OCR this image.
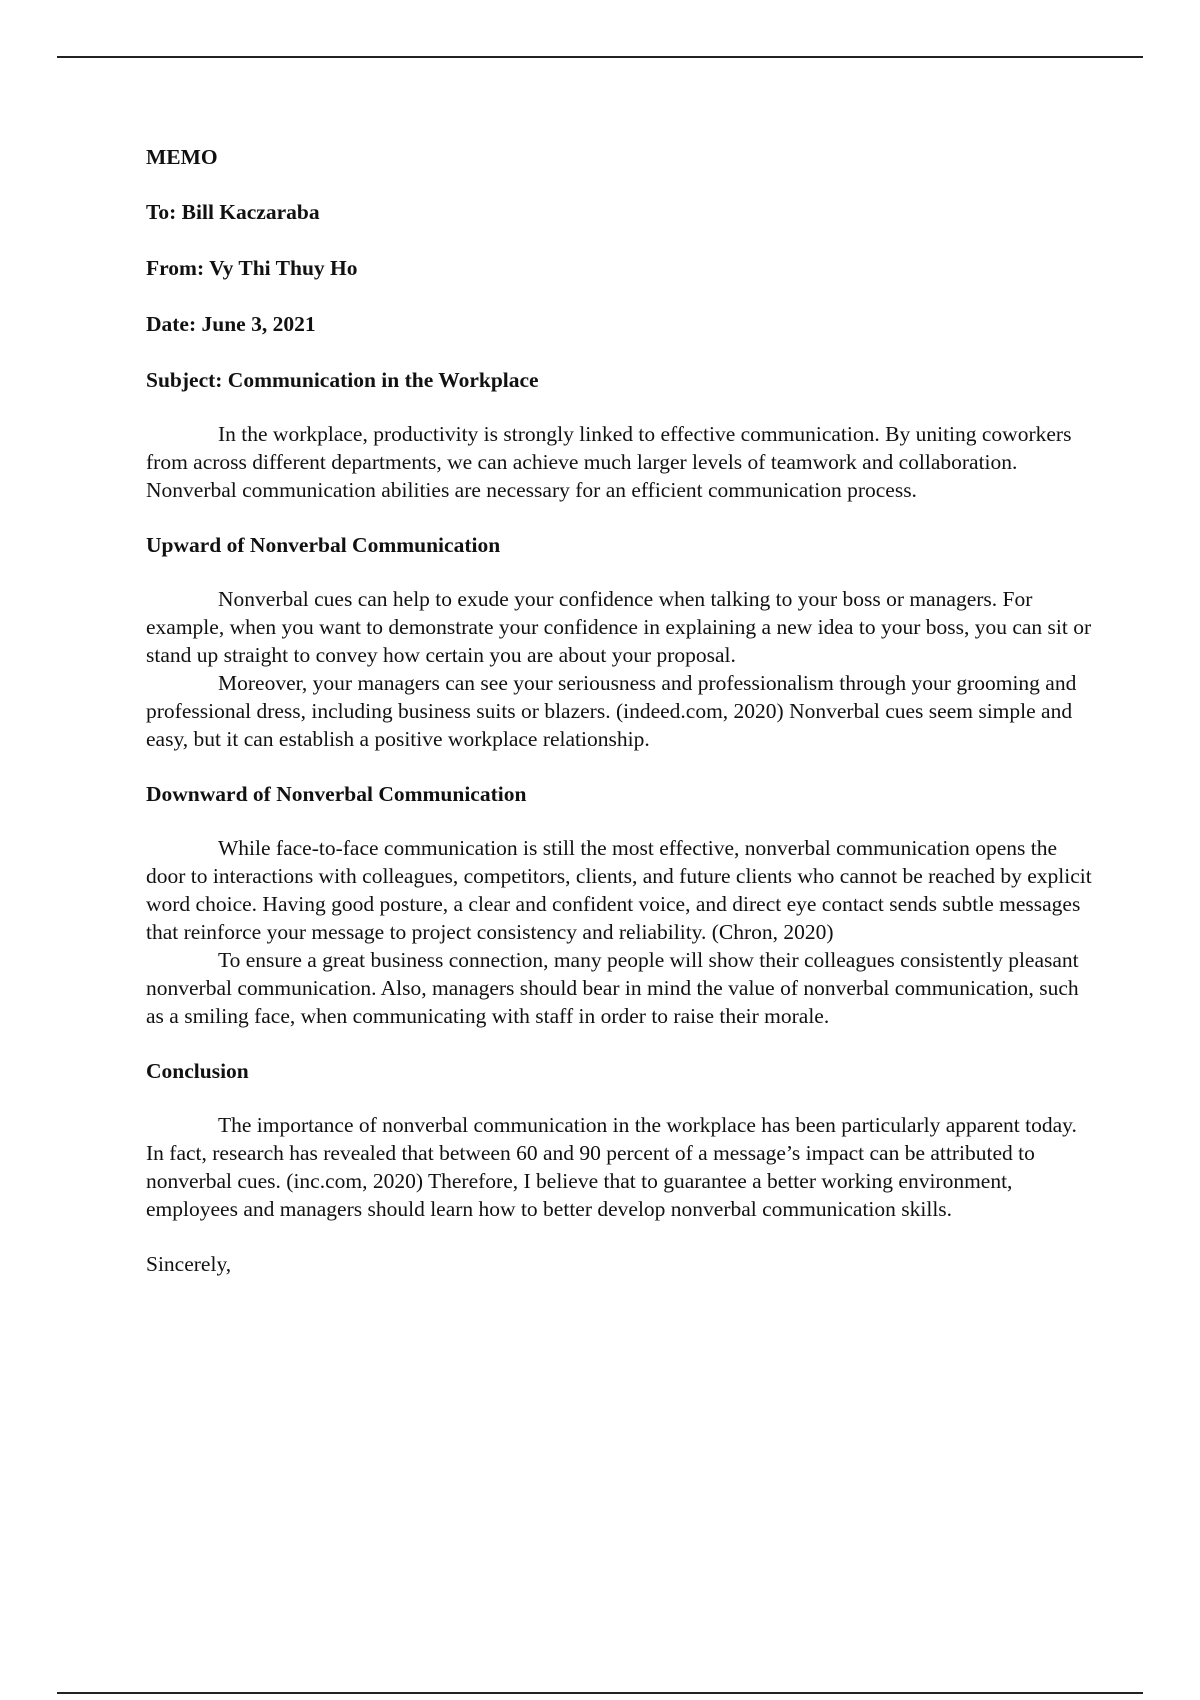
MEMO
To: Bill Kaczaraba
From: Vy Thi Thuy Ho
Date: June 3, 2021
Subject: Communication in the Workplace

In the workplace, productivity is strongly linked to effective communication. By uniting coworkers from across different departments, we can achieve much larger levels of teamwork and collaboration. Nonverbal communication abilities are necessary for an efficient communication process.

Upward of Nonverbal Communication

Nonverbal cues can help to exude your confidence when talking to your boss or managers. For example, when you want to demonstrate your confidence in explaining a new idea to your boss, you can sit or stand up straight to convey how certain you are about your proposal.

Moreover, your managers can see your seriousness and professionalism through your grooming and professional dress, including business suits or blazers. (indeed.com, 2020) Nonverbal cues seem simple and easy, but it can establish a positive workplace relationship.

Downward of Nonverbal Communication

While face-to-face communication is still the most effective, nonverbal communication opens the door to interactions with colleagues, competitors, clients, and future clients who cannot be reached by explicit word choice. Having good posture, a clear and confident voice, and direct eye contact sends subtle messages that reinforce your message to project consistency and reliability. (Chron, 2020)

To ensure a great business connection, many people will show their colleagues consistently pleasant nonverbal communication. Also, managers should bear in mind the value of nonverbal communication, such as a smiling face, when communicating with staff in order to raise their morale.

Conclusion

The importance of nonverbal communication in the workplace has been particularly apparent today. In fact, research has revealed that between 60 and 90 percent of a message’s impact can be attributed to nonverbal cues. (inc.com, 2020) Therefore, I believe that to guarantee a better working environment, employees and managers should learn how to better develop nonverbal communication skills.

Sincerely,
